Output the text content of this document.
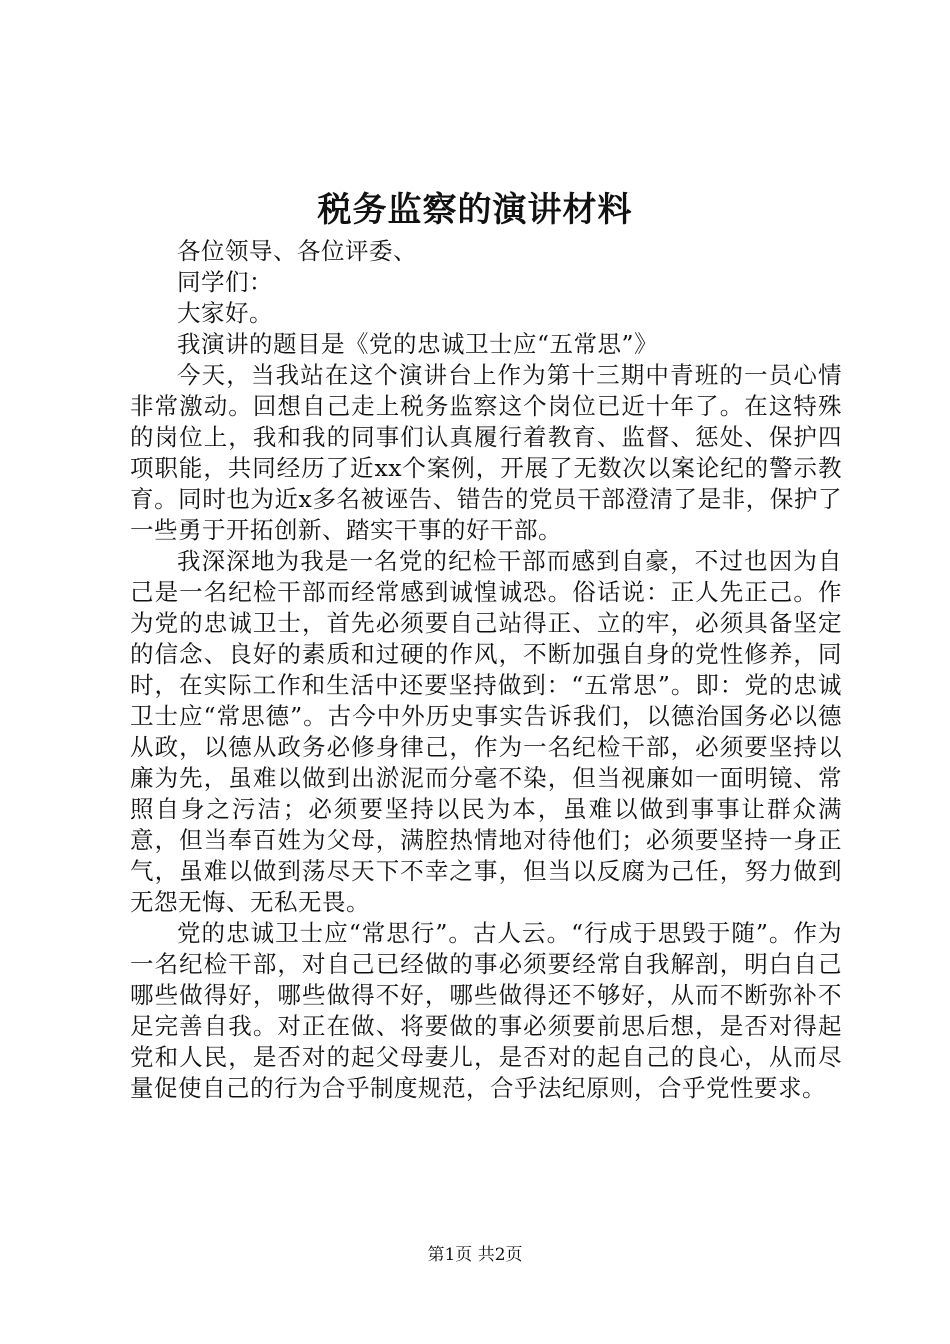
税务监察的演讲材料

各位领导、各位评委、

同学们：

大家好。

我演讲的题目是《党的忠诚卫士应“五常思”》

今天，当我站在这个演讲台上作为第十三期中青班的一员心情非常激动。回想自己走上税务监察这个岗位已近十年了。在这特殊的岗位上，我和我的同事们认真履行着教育、监督、惩处、保护四项职能，共同经历了近xx个案例，开展了无数次以案论纪的警示教育。同时也为近x多名被诬告、错告的党员干部澄清了是非，保护了一些勇于开拓创新、踏实干事的好干部。

我深深地为我是一名党的纪检干部而感到自豪，不过也因为自己是一名纪检干部而经常感到诚惶诚恐。俗话说：正人先正己。作为党的忠诚卫士，首先必须要自己站得正、立的牢，必须具备坚定的信念、良好的素质和过硬的作风，不断加强自身的党性修养，同时，在实际工作和生活中还要坚持做到：“五常思”。即：党的忠诚卫士应“常思德”。古今中外历史事实告诉我们，以德治国务必以德从政，以德从政务必修身律己，作为一名纪检干部，必须要坚持以廉为先，虽难以做到出淤泥而分毫不染，但当视廉如一面明镜、常照自身之污洁；必须要坚持以民为本，虽难以做到事事让群众满意，但当奉百姓为父母，满腔热情地对待他们；必须要坚持一身正气，虽难以做到荡尽天下不幸之事，但当以反腐为己任，努力做到无怨无悔、无私无畏。

党的忠诚卫士应“常思行”。古人云。“行成于思毁于随”。作为一名纪检干部，对自己已经做的事必须要经常自我解剖，明白自己哪些做得好，哪些做得不好，哪些做得还不够好，从而不断弥补不足完善自我。对正在做、将要做的事必须要前思后想，是否对得起党和人民，是否对的起父母妻儿，是否对的起自己的良心，从而尽量促使自己的行为合乎制度规范，合乎法纪原则，合乎党性要求。

第1页 共2页
